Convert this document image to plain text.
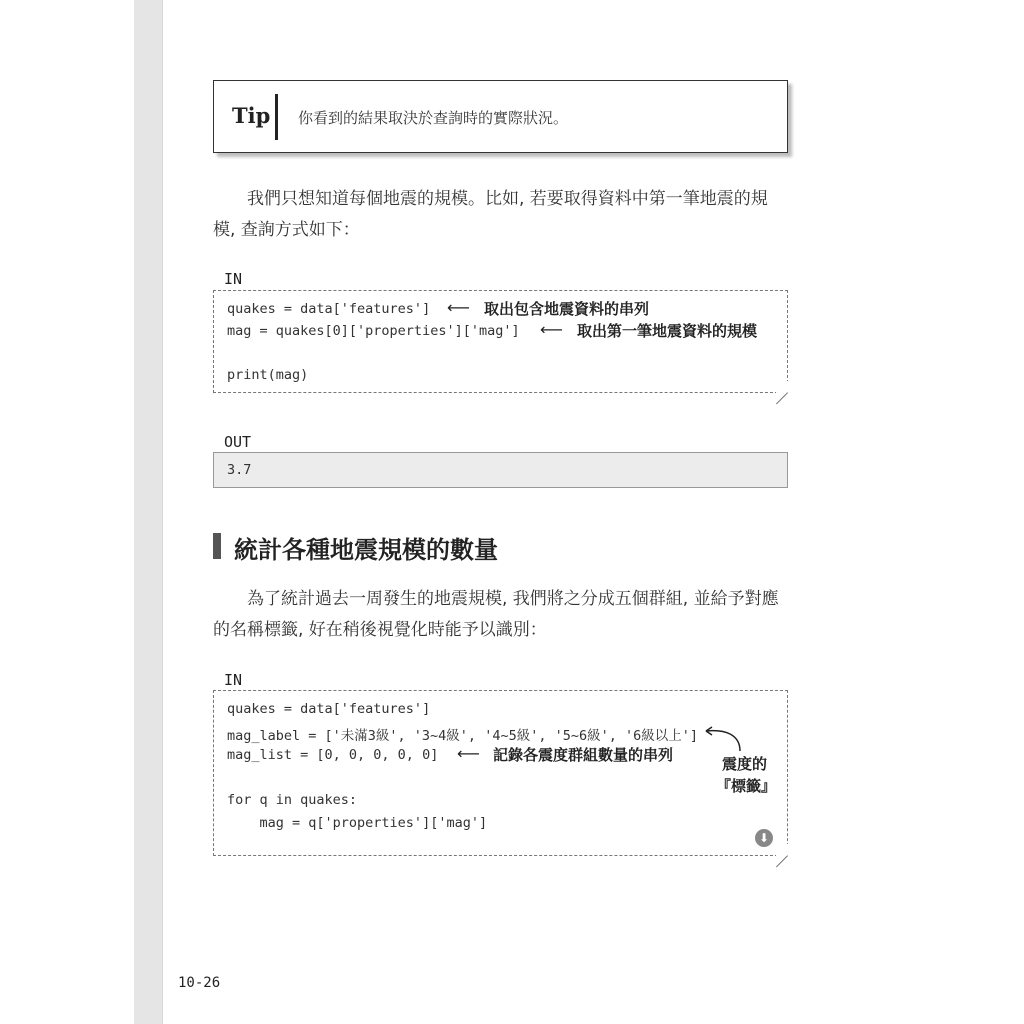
Tip 你看到的結果取決於查詢時的實際狀況。
我們只想知道每個地震的規模。比如, 若要取得資料中第一筆地震的規
模, 查詢方式如下：
IN
quakes = data['features']
mag = quakes[0]['properties']['mag']
print(mag)
⟵ 取出包含地震資料的串列
⟵ 取出第一筆地震資料的規模
OUT
3.7
統計各種地震規模的數量
為了統計過去一周發生的地震規模, 我們將之分成五個群組, 並給予對應
的名稱標籤, 好在稍後視覺化時能予以識別：
IN
quakes = data['features']
mag_label = ['未滿3級', '3~4級', '4~5級', '5~6級', '6級以上']
mag_list = [0, 0, 0, 0, 0]
for q in quakes:
mag = q['properties']['mag']
⟵ 記錄各震度群組數量的串列	震度的
『標籤』
⬇
10-26
